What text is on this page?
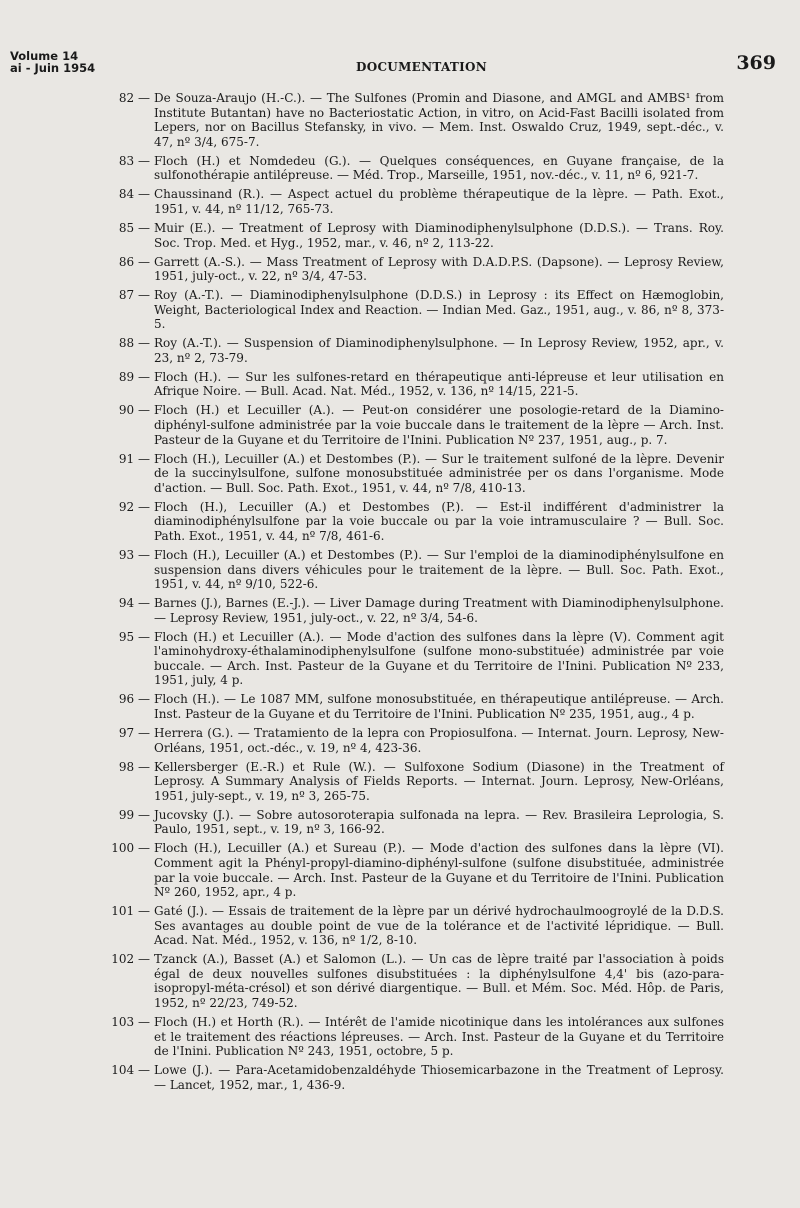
Volume 14
ai - Juin 1954	DOCUMENTATION	369
82 — De Souza-Araujo (H.-C.). — The Sulfones (Promin and Diasone, and AMGL and AMBS¹ from Institute Butantan) have no Bacteriostatic Action, in vitro, on Acid-Fast Bacilli isolated from Lepers, nor on Bacillus Stefansky, in vivo. — Mem. Inst. Oswaldo Cruz, 1949, sept.-déc., v. 47, nº 3/4, 675-7.
83 — Floch (H.) et Nomdedeu (G.). — Quelques conséquences, en Guyane française, de la sulfonothérapie antilépreuse. — Méd. Trop., Marseille, 1951, nov.-déc., v. 11, nº 6, 921-7.
84 — Chaussinand (R.). — Aspect actuel du problème thérapeutique de la lèpre. — Path. Exot., 1951, v. 44, nº 11/12, 765-73.
85 — Muir (E.). — Treatment of Leprosy with Diaminodiphenylsulphone (D.D.S.). — Trans. Roy. Soc. Trop. Med. et Hyg., 1952, mar., v. 46, nº 2, 113-22.
86 — Garrett (A.-S.). — Mass Treatment of Leprosy with D.A.D.P.S. (Dapsone). — Leprosy Review, 1951, july-oct., v. 22, nº 3/4, 47-53.
87 — Roy (A.-T.). — Diaminodiphenylsulphone (D.D.S.) in Leprosy : its Effect on Hæmoglobin, Weight, Bacteriological Index and Reaction. — Indian Med. Gaz., 1951, aug., v. 86, nº 8, 373-5.
88 — Roy (A.-T.). — Suspension of Diaminodiphenylsulphone. — In Leprosy Review, 1952, apr., v. 23, nº 2, 73-79.
89 — Floch (H.). — Sur les sulfones-retard en thérapeutique anti-lépreuse et leur utilisation en Afrique Noire. — Bull. Acad. Nat. Méd., 1952, v. 136, nº 14/15, 221-5.
90 — Floch (H.) et Lecuiller (A.). — Peut-on considérer une posologie-retard de la Diamino-diphényl-sulfone administrée par la voie buccale dans le traitement de la lèpre — Arch. Inst. Pasteur de la Guyane et du Territoire de l'Inini. Publication Nº 237, 1951, aug., p. 7.
91 — Floch (H.), Lecuiller (A.) et Destombes (P.). — Sur le traitement sulfoné de la lèpre. Devenir de la succinylsulfone, sulfone monosubstituée administrée per os dans l'organisme. Mode d'action. — Bull. Soc. Path. Exot., 1951, v. 44, nº 7/8, 410-13.
92 — Floch (H.), Lecuiller (A.) et Destombes (P.). — Est-il indifférent d'administrer la diaminodiphénylsulfone par la voie buccale ou par la voie intramusculaire ? — Bull. Soc. Path. Exot., 1951, v. 44, nº 7/8, 461-6.
93 — Floch (H.), Lecuiller (A.) et Destombes (P.). — Sur l'emploi de la diaminodiphénylsulfone en suspension dans divers véhicules pour le traitement de la lèpre. — Bull. Soc. Path. Exot., 1951, v. 44, nº 9/10, 522-6.
94 — Barnes (J.), Barnes (E.-J.). — Liver Damage during Treatment with Diaminodiphenylsulphone. — Leprosy Review, 1951, july-oct., v. 22, nº 3/4, 54-6.
95 — Floch (H.) et Lecuiller (A.). — Mode d'action des sulfones dans la lèpre (V). Comment agit l'aminohydroxy-éthalaminodiphenylsulfone (sulfone mono-substituée) administrée par voie buccale. — Arch. Inst. Pasteur de la Guyane et du Territoire de l'Inini. Publication Nº 233, 1951, july, 4 p.
96 — Floch (H.). — Le 1087 MM, sulfone monosubstituée, en thérapeutique antilépreuse. — Arch. Inst. Pasteur de la Guyane et du Territoire de l'Inini. Publication Nº 235, 1951, aug., 4 p.
97 — Herrera (G.). — Tratamiento de la lepra con Propiosulfona. — Internat. Journ. Leprosy, New-Orléans, 1951, oct.-déc., v. 19, nº 4, 423-36.
98 — Kellersberger (E.-R.) et Rule (W.). — Sulfoxone Sodium (Diasone) in the Treatment of Leprosy. A Summary Analysis of Fields Reports. — Internat. Journ. Leprosy, New-Orléans, 1951, july-sept., v. 19, nº 3, 265-75.
99 — Jucovsky (J.). — Sobre autosoroterapia sulfonada na lepra. — Rev. Brasileira Leprologia, S. Paulo, 1951, sept., v. 19, nº 3, 166-92.
100 — Floch (H.), Lecuiller (A.) et Sureau (P.). — Mode d'action des sulfones dans la lèpre (VI). Comment agit la Phényl-propyl-diamino-diphényl-sulfone (sulfone disubstituée, administrée par la voie buccale. — Arch. Inst. Pasteur de la Guyane et du Territoire de l'Inini. Publication Nº 260, 1952, apr., 4 p.
101 — Gaté (J.). — Essais de traitement de la lèpre par un dérivé hydrochaulmoogroylé de la D.D.S. Ses avantages au double point de vue de la tolérance et de l'activité lépridique. — Bull. Acad. Nat. Méd., 1952, v. 136, nº 1/2, 8-10.
102 — Tzanck (A.), Basset (A.) et Salomon (L.). — Un cas de lèpre traité par l'association à poids égal de deux nouvelles sulfones disubstituées : la diphénylsulfone 4,4' bis (azo-para-isopropyl-méta-crésol) et son dérivé diargentique. — Bull. et Mém. Soc. Méd. Hôp. de Paris, 1952, nº 22/23, 749-52.
103 — Floch (H.) et Horth (R.). — Intérêt de l'amide nicotinique dans les intolérances aux sulfones et le traitement des réactions lépreuses. — Arch. Inst. Pasteur de la Guyane et du Territoire de l'Inini. Publication Nº 243, 1951, octobre, 5 p.
104 — Lowe (J.). — Para-Acetamidobenzaldéhyde Thiosemicarbazone in the Treatment of Leprosy. — Lancet, 1952, mar., 1, 436-9.
